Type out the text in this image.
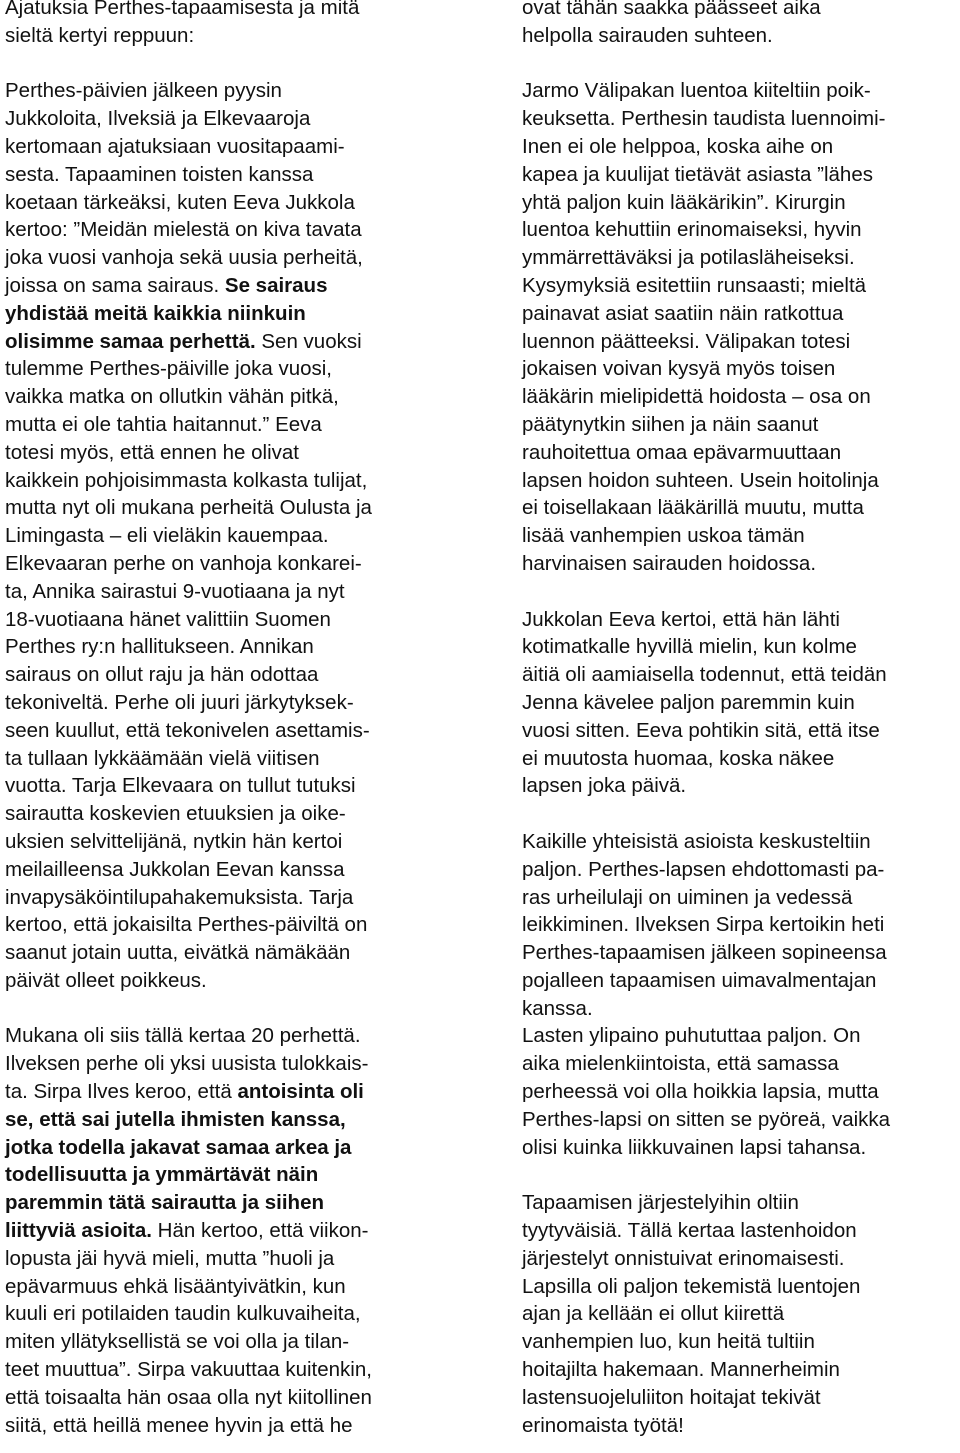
Ajatuksia Perthes-tapaamisesta ja mitä
sieltä kertyi reppuun:
Perthes-päivien jälkeen pyysin
Jukkoloita, Ilveksiä ja Elkevaaroja
kertomaan ajatuksiaan vuositapaami-
sesta. Tapaaminen toisten kanssa
koetaan tärkeäksi, kuten Eeva Jukkola
kertoo: ”Meidän mielestä on kiva tavata
joka vuosi vanhoja sekä uusia perheitä,
joissa on sama sairaus. Se sairaus
yhdistää meitä kaikkia niinkuin
olisimme samaa perhettä. Sen vuoksi
tulemme Perthes-päiville joka vuosi,
vaikka matka on ollutkin vähän pitkä,
mutta ei ole tahtia haitannut.” Eeva
totesi myös, että ennen he olivat
kaikkein pohjoisimmasta kolkasta tulijat,
mutta nyt oli mukana perheitä Oulusta ja
Limingasta – eli vieläkin kauempaa.
Elkevaaran perhe on vanhoja konkarei-
ta, Annika sairastui 9-vuotiaana ja nyt
18-vuotiaana hänet valittiin Suomen
Perthes ry:n hallitukseen. Annikan
sairaus on ollut raju ja hän odottaa
tekoniveltä. Perhe oli juuri järkytyksek-
seen kuullut, että tekonivelen asettamis-
ta tullaan lykkäämään vielä viitisen
vuotta. Tarja Elkevaara on tullut tutuksi
sairautta koskevien etuuksien ja oike-
uksien selvittelijänä, nytkin hän kertoi
meilailleensa Jukkolan Eevan kanssa
invapysäköintilupahakemuksista. Tarja
kertoo, että jokaisilta Perthes-päiviltä on
saanut jotain uutta, eivätkä nämäkään
päivät olleet poikkeus.
Mukana oli siis tällä kertaa 20 perhettä.
Ilveksen perhe oli yksi uusista tulokkais-
ta. Sirpa Ilves keroo, että antoisinta oli
se, että sai jutella ihmisten kanssa,
jotka todella jakavat samaa arkea ja
todellisuutta ja ymmärtävät näin
paremmin tätä sairautta ja siihen
liittyviä asioita. Hän kertoo, että viikon-
lopusta jäi hyvä mieli, mutta ”huoli ja
epävarmuus ehkä lisääntyivätkin, kun
kuuli eri potilaiden taudin kulkuvaiheita,
miten yllätyksellistä se voi olla ja tilan-
teet muuttua”. Sirpa vakuuttaa kuitenkin,
että toisaalta hän osaa olla nyt kiitollinen
siitä, että heillä menee hyvin ja että he
ovat tähän saakka päässeet aika
helpolla sairauden suhteen.
Jarmo Välipakan luentoa kiiteltiin poik-
keuksetta. Perthesin taudista luennoimi-
Inen ei ole helppoa, koska aihe on
kapea ja kuulijat tietävät asiasta ”lähes
yhtä paljon kuin lääkärikin”. Kirurgin
luentoa kehuttiin erinomaiseksi, hyvin
ymmärrettäväksi ja potilasläheiseksi.
Kysymyksiä esitettiin runsaasti; mieltä
painavat asiat saatiin näin ratkottua
luennon päätteeksi. Välipakan totesi
jokaisen voivan kysyä myös toisen
lääkärin mielipidettä hoidosta – osa on
päätynytkin siihen ja näin saanut
rauhoitettua omaa epävarmuuttaan
lapsen hoidon suhteen. Usein hoitolinja
ei toisellakaan lääkärillä muutu, mutta
lisää vanhempien uskoa tämän
harvinaisen sairauden hoidossa.
Jukkolan Eeva kertoi, että hän lähti
kotimatkalle hyvillä mielin, kun kolme
äitiä oli aamiaisella todennut, että teidän
Jenna kävelee paljon paremmin kuin
vuosi sitten. Eeva pohtikin sitä, että itse
ei muutosta huomaa, koska näkee
lapsen joka päivä.
Kaikille yhteisistä asioista keskusteltiin
paljon. Perthes-lapsen ehdottomasti pa-
ras urheilulaji on uiminen ja vedessä
leikkiminen. Ilveksen Sirpa kertoikin heti
Perthes-tapaamisen jälkeen sopineensa
pojalleen tapaamisen uimavalmentajan
kanssa.
Lasten ylipaino puhututtaa paljon. On
aika mielenkiintoista, että samassa
perheessä voi olla hoikkia lapsia, mutta
Perthes-lapsi on sitten se pyöreä, vaikka
olisi kuinka liikkuvainen lapsi tahansa.
Tapaamisen järjestelyihin oltiin
tyytyväisiä. Tällä kertaa lastenhoidon
järjestelyt onnistuivat erinomaisesti.
Lapsilla oli paljon tekemistä luentojen
ajan ja kellään ei ollut kiirettä
vanhempien luo, kun heitä tultiin
hoitajilta hakemaan. Mannerheimin
lastensuojeluliiton hoitajat tekivät
erinomaista työtä!
